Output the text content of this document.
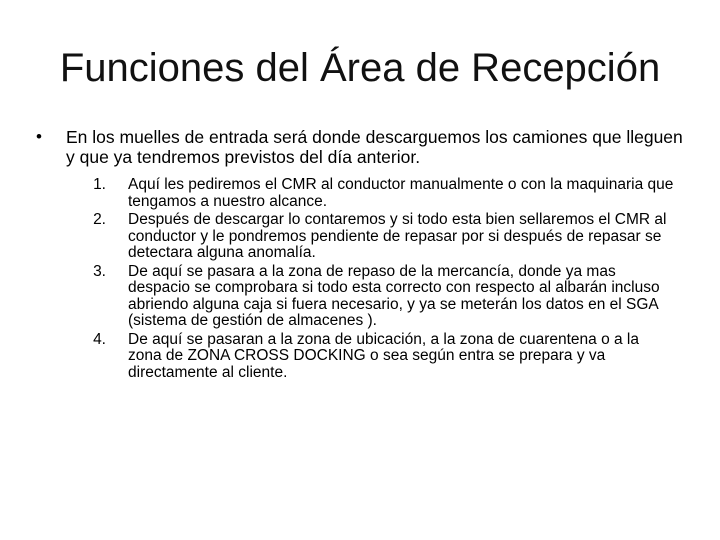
Funciones del Área de Recepción
•	En los muelles de entrada será donde descarguemos los camiones que lleguen y que ya tendremos previstos del día anterior.
1.	Aquí les pediremos el CMR al conductor manualmente o con la maquinaria que tengamos a nuestro alcance.
2.	Después de descargar lo contaremos y si todo esta bien sellaremos el CMR al conductor y le pondremos pendiente de repasar por si después de repasar se detectara alguna anomalía.
3.	De aquí se pasara a la zona de repaso de la mercancía, donde ya mas despacio se comprobara si todo esta correcto con respecto al albarán incluso abriendo alguna caja si fuera necesario, y ya se meterán los datos en el SGA (sistema de gestión de almacenes ).
4.	De aquí se pasaran a la zona de ubicación, a la zona de cuarentena o a la zona de ZONA CROSS DOCKING o sea según entra se prepara y va directamente al cliente.
